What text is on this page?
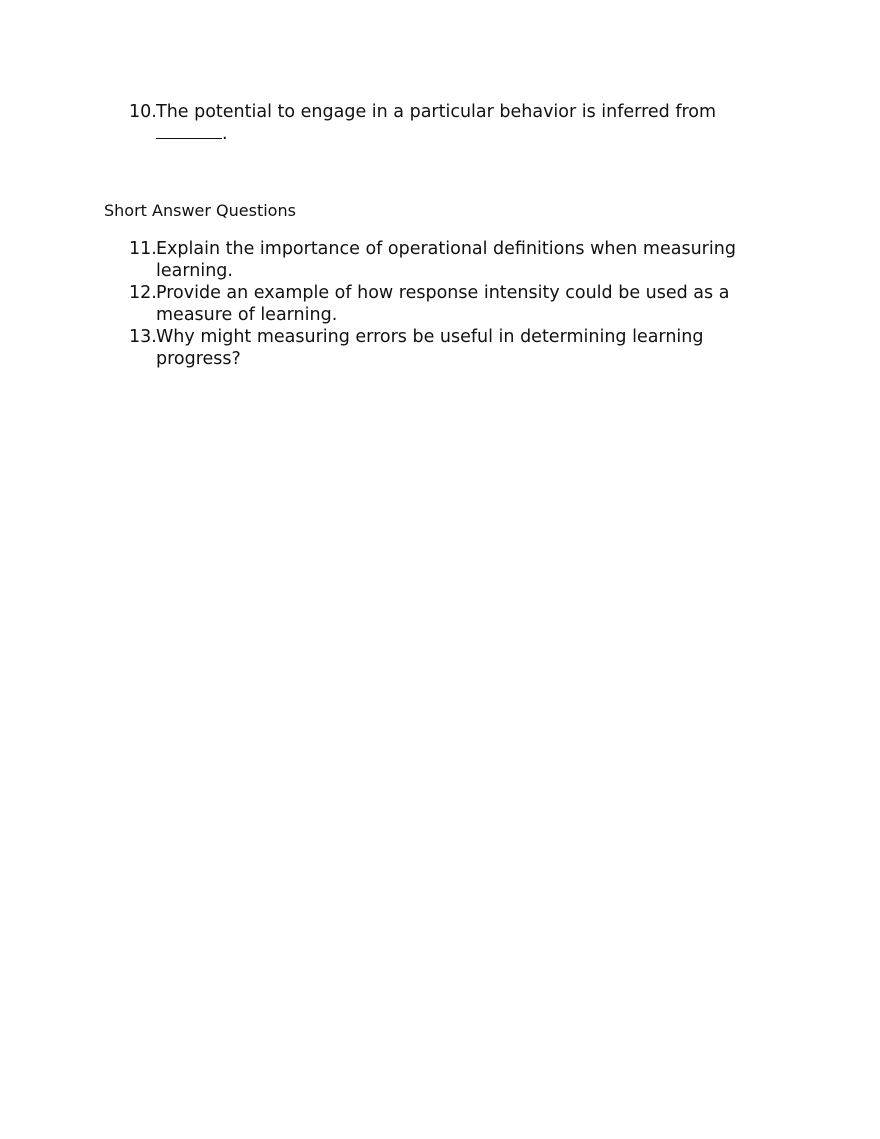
10. The potential to engage in a particular behavior is inferred from
.
Short Answer Questions
11. Explain the importance of operational definitions when measuring learning.
12. Provide an example of how response intensity could be used as a measure of learning.
13. Why might measuring errors be useful in determining learning progress?
